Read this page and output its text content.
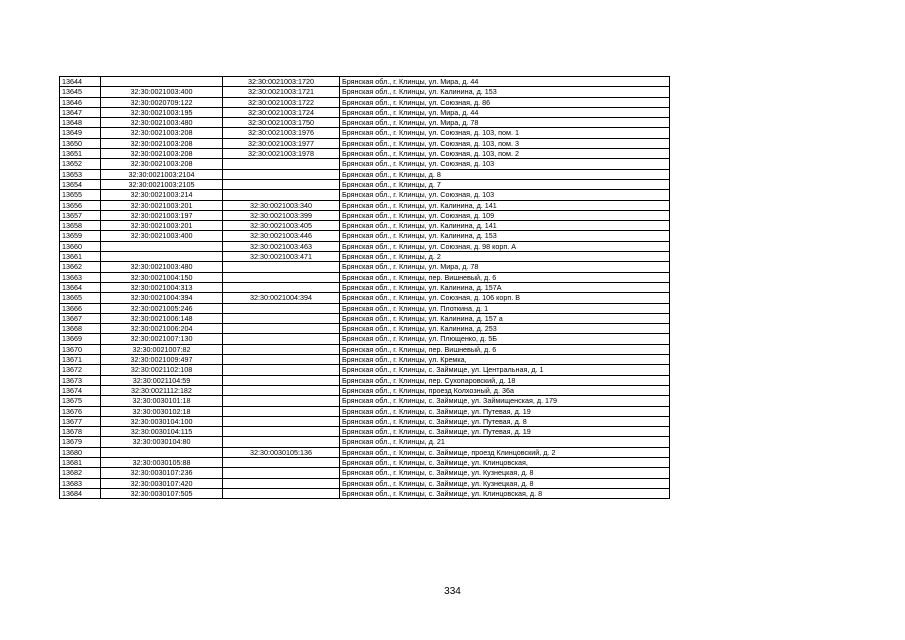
13644		32:30:0021003:1720	Брянская обл., г. Клинцы, ул. Мира, д. 44
13645	32:30:0021003:400	32:30:0021003:1721	Брянская обл., г. Клинцы, ул. Калинина, д. 153
13646	32:30:0020709:122	32:30:0021003:1722	Брянская обл., г. Клинцы, ул. Союзная, д. 86
13647	32:30:0021003:195	32:30:0021003:1724	Брянская обл., г. Клинцы, ул. Мира, д. 44
13648	32:30:0021003:480	32:30:0021003:1750	Брянская обл., г. Клинцы, ул. Мира, д. 78
13649	32:30:0021003:208	32:30:0021003:1976	Брянская обл., г. Клинцы, ул. Союзная, д. 103, пом. 1
13650	32:30:0021003:208	32:30:0021003:1977	Брянская обл., г. Клинцы, ул. Союзная, д. 103, пом. 3
13651	32:30:0021003:208	32:30:0021003:1978	Брянская обл., г. Клинцы, ул. Союзная, д. 103, пом. 2
13652	32:30:0021003:208		Брянская обл., г. Клинцы, ул. Союзная, д. 103
13653	32:30:0021003:2104		Брянская обл., г. Клинцы, д. 8
13654	32:30:0021003:2105		Брянская обл., г. Клинцы, д. 7
13655	32:30:0021003:214		Брянская обл., г. Клинцы, ул. Союзная, д. 103
13656	32:30:0021003:201	32:30:0021003:340	Брянская обл., г. Клинцы, ул. Калинина, д. 141
13657	32:30:0021003:197	32:30:0021003:399	Брянская обл., г. Клинцы, ул. Союзная, д. 109
13658	32:30:0021003:201	32:30:0021003:405	Брянская обл., г. Клинцы, ул. Калинина, д. 141
13659	32:30:0021003:400	32:30:0021003:446	Брянская обл., г. Клинцы, ул. Калинина, д. 153
13660		32:30:0021003:463	Брянская обл., г. Клинцы, ул. Союзная, д. 98 корп. А
13661		32:30:0021003:471	Брянская обл., г. Клинцы, д. 2
13662	32:30:0021003:480		Брянская обл., г. Клинцы, ул. Мира, д. 78
13663	32:30:0021004:150		Брянская обл., г. Клинцы, пер. Вишневый, д. 6
13664	32:30:0021004:313		Брянская обл., г. Клинцы, ул. Калинина, д. 157А
13665	32:30:0021004:394	32:30:0021004:394	Брянская обл., г. Клинцы, ул. Союзная, д. 106 корп. В
13666	32:30:0021005:246		Брянская обл., г. Клинцы, ул. Плоткина, д. 1
13667	32:30:0021006:148		Брянская обл., г. Клинцы, ул. Калинина, д. 157 а
13668	32:30:0021006:204		Брянская обл., г. Клинцы, ул. Калинина, д. 253
13669	32:30:0021007:130		Брянская обл., г. Клинцы, ул. Плющенко, д. 5Б
13670	32:30:0021007:82		Брянская обл., г. Клинцы, пер. Вишневый, д. 6
13671	32:30:0021009:497		Брянская обл., г. Клинцы, ул. Кремка,
13672	32:30:0021102:108		Брянская обл., г. Клинцы, с. Займище, ул. Центральная, д. 1
13673	32:30:0021104:59		Брянская обл., г. Клинцы, пер. Сухопаровский, д. 18
13674	32:30:0021112:182		Брянская обл., г. Клинцы, проезд Колхозный, д. 36а
13675	32:30:0030101:18		Брянская обл., г. Клинцы, с. Займище, ул. Займищенская, д. 179
13676	32:30:0030102:18		Брянская обл., г. Клинцы, с. Займище, ул. Путевая, д. 19
13677	32:30:0030104:100		Брянская обл., г. Клинцы, с. Займище, ул. Путевая, д. 8
13678	32:30:0030104:115		Брянская обл., г. Клинцы, с. Займище, ул. Путевая, д. 19
13679	32:30:0030104:80		Брянская обл., г. Клинцы, д. 21
13680		32:30:0030105:136	Брянская обл., г. Клинцы, с. Займище, проезд Клинцовский, д. 2
13681	32:30:0030105:88		Брянская обл., г. Клинцы, с. Займище, ул. Клинцовская,
13682	32:30:0030107:236		Брянская обл., г. Клинцы, с. Займище, ул. Кузнецкая, д. 8
13683	32:30:0030107:420		Брянская обл., г. Клинцы, с. Займище, ул. Кузнецкая, д. 8
13684	32:30:0030107:505		Брянская обл., г. Клинцы, с. Займище, ул. Клинцовская, д. 8
334
